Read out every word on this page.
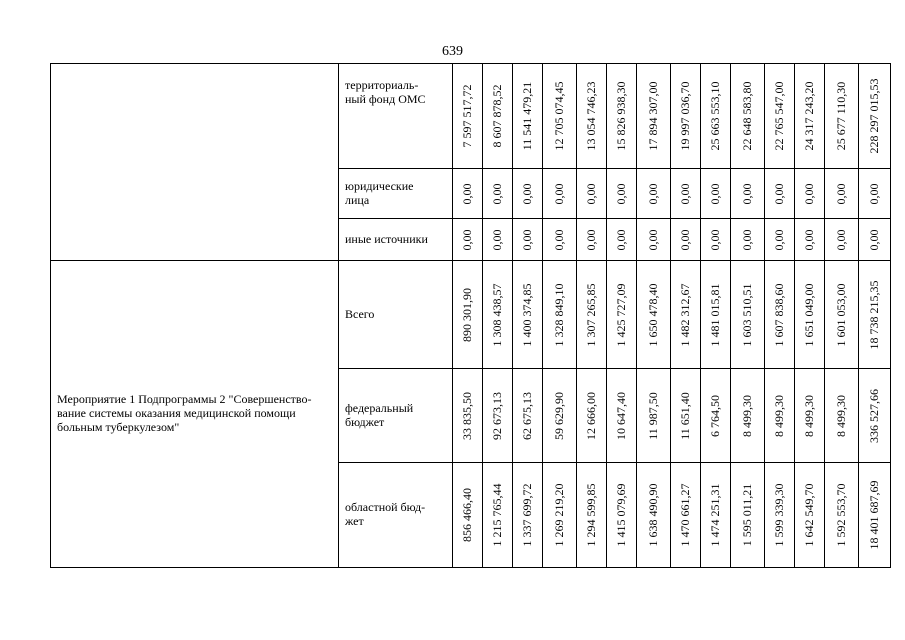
639
	территориаль-
ный фонд ОМС	7 597 517,72	8 607 878,52	11 541 479,21	12 705 074,45	13 054 746,23	15 826 938,30	17 894 307,00	19 997 036,70	25 663 553,10	22 648 583,80	22 765 547,00	24 317 243,20	25 677 110,30	228 297 015,53

	юридические
лица	0,00	0,00	0,00	0,00	0,00	0,00	0,00	0,00	0,00	0,00	0,00	0,00	0,00	0,00

	иные источники	0,00	0,00	0,00	0,00	0,00	0,00	0,00	0,00	0,00	0,00	0,00	0,00	0,00	0,00

Мероприятие 1 Подпрограммы 2 "Совершенство-
вание системы оказания медицинской помощи
больным туберкулезом"	Всего	890 301,90	1 308 438,57	1 400 374,85	1 328 849,10	1 307 265,85	1 425 727,09	1 650 478,40	1 482 312,67	1 481 015,81	1 603 510,51	1 607 838,60	1 651 049,00	1 601 053,00	18 738 215,35

	федеральный
бюджет	33 835,50	92 673,13	62 675,13	59 629,90	12 666,00	10 647,40	11 987,50	11 651,40	6 764,50	8 499,30	8 499,30	8 499,30	8 499,30	336 527,66

	областной бюд-
жет	856 466,40	1 215 765,44	1 337 699,72	1 269 219,20	1 294 599,85	1 415 079,69	1 638 490,90	1 470 661,27	1 474 251,31	1 595 011,21	1 599 339,30	1 642 549,70	1 592 553,70	18 401 687,69
